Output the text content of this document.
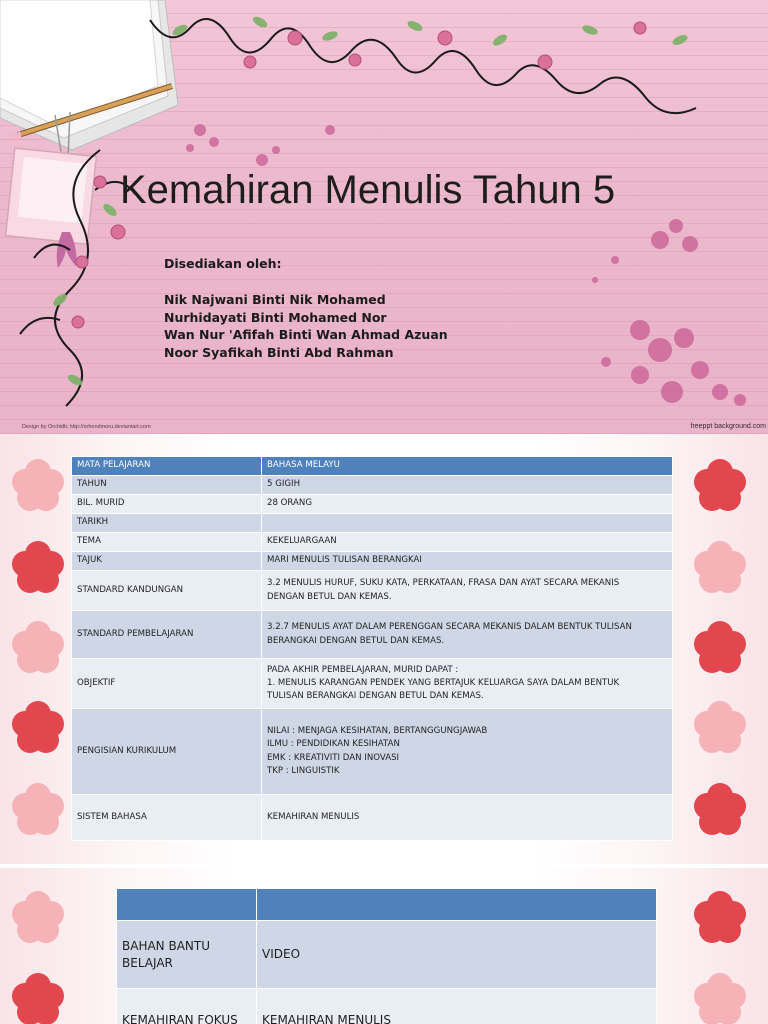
Kemahiran Menulis Tahun 5
Disediakan oleh:
Nik Najwani Binti Nik Mohamed
Nurhidayati Binti Mohamed Nor
Wan Nur 'Afifah Binti Wan Ahmad Azuan
Noor Syafikah Binti Abd Rahman
Design by Orchidlc http://orhondmoru.deviantart.com	freeppt background.com
MATA PELAJARAN	BAHASA MELAYU
TAHUN	5 GIGIH
BIL. MURID	28 ORANG
TARIKH	
TEMA	KEKELUARGAAN
TAJUK	MARI MENULIS TULISAN BERANGKAI
STANDARD KANDUNGAN	3.2 MENULIS HURUF, SUKU KATA, PERKATAAN, FRASA DAN AYAT SECARA MEKANIS
DENGAN BETUL DAN KEMAS.

STANDARD PEMBELAJARAN	3.2.7 MENULIS AYAT DALAM PERENGGAN SECARA MEKANIS DALAM BENTUK TULISAN
BERANGKAI DENGAN BETUL DAN KEMAS.

OBJEKTIF	PADA AKHIR PEMBELAJARAN, MURID DAPAT :
1. MENULIS KARANGAN PENDEK YANG BERTAJUK KELUARGA SAYA DALAM BENTUK
TULISAN BERANGKAI DENGAN BETUL DAN KEMAS.

PENGISIAN KURIKULUM	NILAI : MENJAGA KESIHATAN, BERTANGGUNGJAWAB
ILMU : PENDIDIKAN KESIHATAN
EMK : KREATIVITI DAN INOVASI
TKP : LINGUISTIK

SISTEM BAHASA	KEMAHIRAN MENULIS

BAHAN BANTU
BELAJAR	VIDEO
KEMAHIRAN FOKUS	KEMAHIRAN MENULIS
